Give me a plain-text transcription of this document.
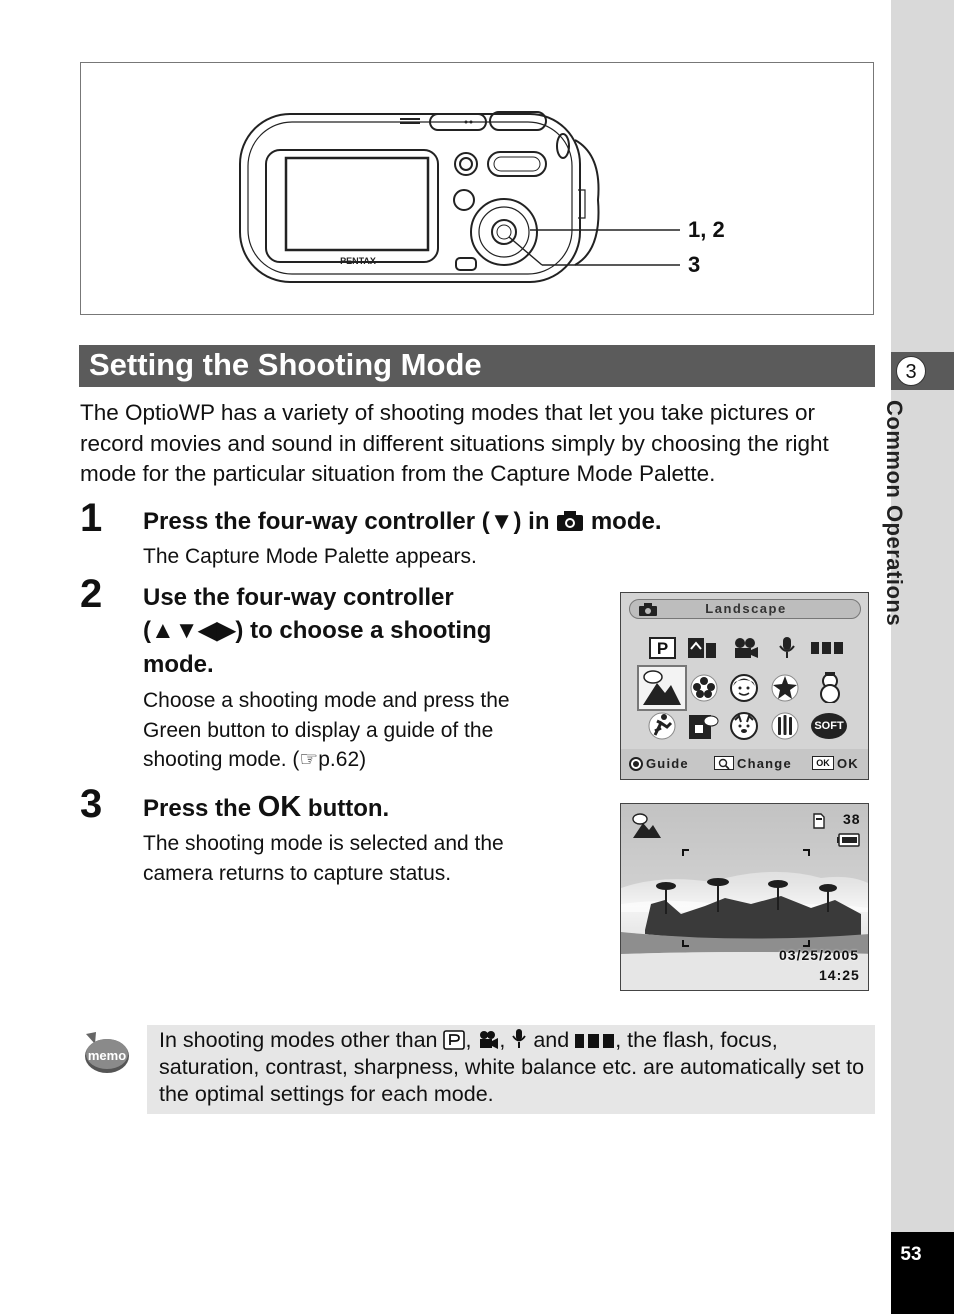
3
Common Operations
53
PENTAX
1, 2
3
Setting the Shooting Mode
The OptioWP has a variety of shooting modes that let you take pictures or record movies and sound in different situations simply by choosing the right mode for the particular situation from the Capture Mode Palette.
1 Press the four-way controller (▼) in  mode.
The Capture Mode Palette appears.
2 Use the four-way controller
(▲▼◀▶) to choose a shooting
mode.
Choose a shooting mode and press the
Green button to display a guide of the
shooting mode. (☞p.62)
3 Press the OK button.
The shooting mode is selected and the
camera returns to capture status.
Landscape
P
SOFT
Guide	Change	OK OK
38
03/25/2005
14:25
memo
In shooting modes other than , ,  and , the flash, focus, saturation, contrast, sharpness, white balance etc. are automatically set to the optimal settings for each mode.
